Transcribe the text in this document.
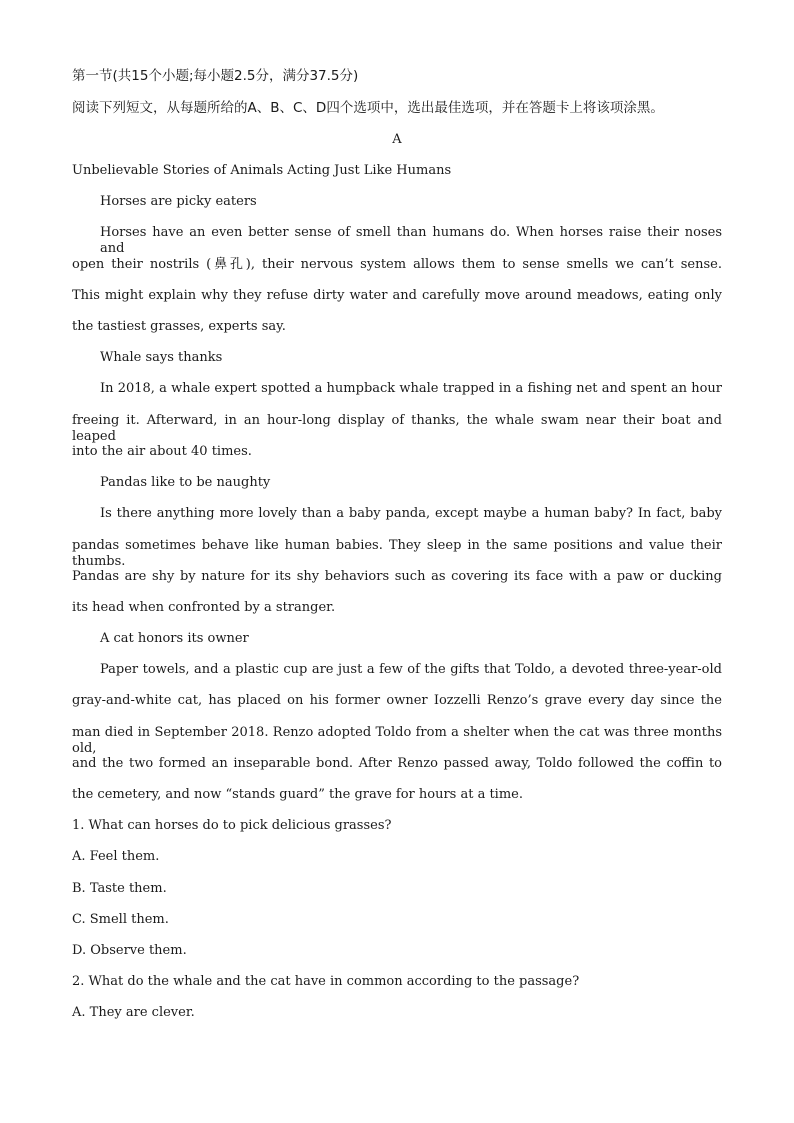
第一节(共15个小题;每小题2.5分，满分37.5分)
阅读下列短文，从每题所给的A、B、C、D四个选项中，选出最佳选项，并在答题卡上将该项涂黑。
A
Unbelievable Stories of Animals Acting Just Like Humans
Horses are picky eaters
Horses have an even better sense of smell than humans do. When horses raise their noses and
open their nostrils (鼻孔), their nervous system allows them to sense smells we can’t sense.
This might explain why they refuse dirty water and carefully move around meadows, eating only
the tastiest grasses, experts say.
Whale says thanks
In 2018, a whale expert spotted a humpback whale trapped in a fishing net and spent an hour
freeing it. Afterward, in an hour-long display of thanks, the whale swam near their boat and leaped
into the air about 40 times.
Pandas like to be naughty
Is there anything more lovely than a baby panda, except maybe a human baby? In fact, baby
pandas sometimes behave like human babies. They sleep in the same positions and value their thumbs.
Pandas are shy by nature for its shy behaviors such as covering its face with a paw or ducking
its head when confronted by a stranger.
A cat honors its owner
Paper towels, and a plastic cup are just a few of the gifts that Toldo, a devoted three-year-old
gray-and-white cat, has placed on his former owner Iozzelli Renzo’s grave every day since the
man died in September 2018. Renzo adopted Toldo from a shelter when the cat was three months old,
and the two formed an inseparable bond. After Renzo passed away, Toldo followed the coffin to
the cemetery, and now “stands guard” the grave for hours at a time.
1. What can horses do to pick delicious grasses?
A. Feel them.
B. Taste them.
C. Smell them.
D. Observe them.
2. What do the whale and the cat have in common according to the passage?
A. They are clever.
